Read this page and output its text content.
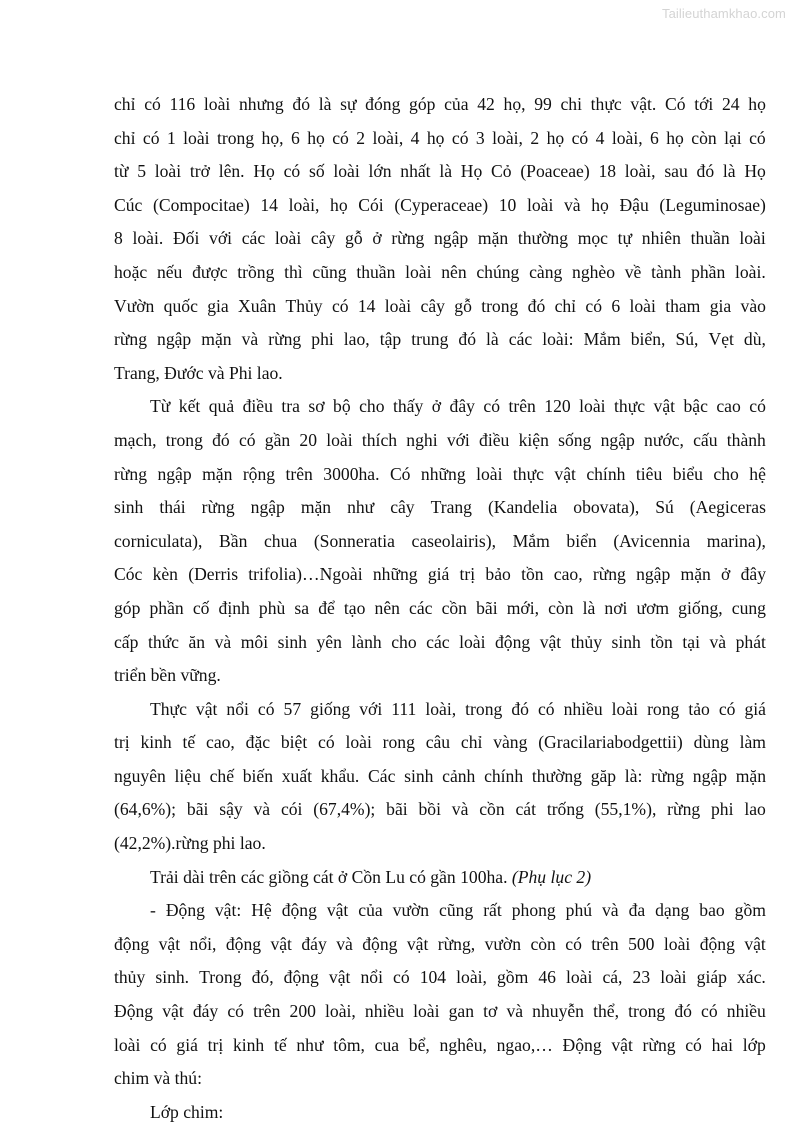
Tailieuthamkhao.com
chỉ có 116 loài nhưng đó là sự đóng góp của 42 họ, 99 chi thực vật. Có tới 24 họ
chỉ có 1 loài trong họ, 6 họ có 2 loài, 4 họ có 3 loài, 2 họ có 4 loài, 6 họ còn lại có
từ 5 loài trở lên. Họ có số loài lớn nhất là Họ Cỏ (Poaceae) 18 loài, sau đó là Họ
Cúc (Compocitae) 14 loài, họ Cói (Cyperaceae) 10 loài và họ Đậu (Leguminosae)
8 loài. Đối với các loài cây gỗ ở rừng ngập mặn thường mọc tự nhiên thuần loài
hoặc nếu được trồng thì cũng thuần loài nên chúng càng nghèo về tành phần loài.
Vườn quốc gia Xuân Thủy có 14 loài cây gỗ trong đó chỉ có 6 loài tham gia vào
rừng ngập mặn và rừng phi lao, tập trung đó là các loài: Mắm biển, Sú, Vẹt dù,
Trang, Đước và Phi lao.
Từ kết quả điều tra sơ bộ cho thấy ở đây có trên 120 loài thực vật bậc cao có
mạch, trong đó có gần 20 loài thích nghi với điều kiện sống ngập nước, cấu thành
rừng ngập mặn rộng trên 3000ha. Có những loài thực vật chính tiêu biểu cho hệ
sinh thái rừng ngập mặn như cây Trang (Kandelia obovata), Sú (Aegiceras
corniculata), Bần chua (Sonneratia caseolairis), Mắm biển (Avicennia marina),
Cóc kèn (Derris trifolia)…Ngoài những giá trị bảo tồn cao, rừng ngập mặn ở đây
góp phần cố định phù sa để tạo nên các cồn bãi mới, còn là nơi ươm giống, cung
cấp thức ăn và môi sinh yên lành cho các loài động vật thủy sinh tồn tại và phát
triển bền vững.
Thực vật nổi có 57 giống với 111 loài, trong đó có nhiều loài rong tảo có giá
trị kinh tế cao, đặc biệt có loài rong câu chỉ vàng (Gracilariabodgettii) dùng làm
nguyên liệu chế biến xuất khẩu. Các sinh cảnh chính thường găp là: rừng ngập mặn
(64,6%); bãi sậy và cói (67,4%); bãi bồi và cồn cát trống (55,1%), rừng phi lao
(42,2%).rừng phi lao.
Trải dài trên các giồng cát ở Cồn Lu có gần 100ha. (Phụ lục 2)
- Động vật: Hệ động vật của vườn cũng rất phong phú và đa dạng bao gồm
động vật nổi, động vật đáy và động vật rừng, vườn còn có trên 500 loài động vật
thủy sinh. Trong đó, động vật nổi có 104 loài, gồm 46 loài cá, 23 loài giáp xác.
Động vật đáy có trên 200 loài, nhiều loài gan tơ và nhuyễn thể, trong đó có nhiều
loài có giá trị kinh tế như tôm, cua bể, nghêu, ngao,… Động vật rừng có hai lớp
chim và thú:
Lớp chim:
